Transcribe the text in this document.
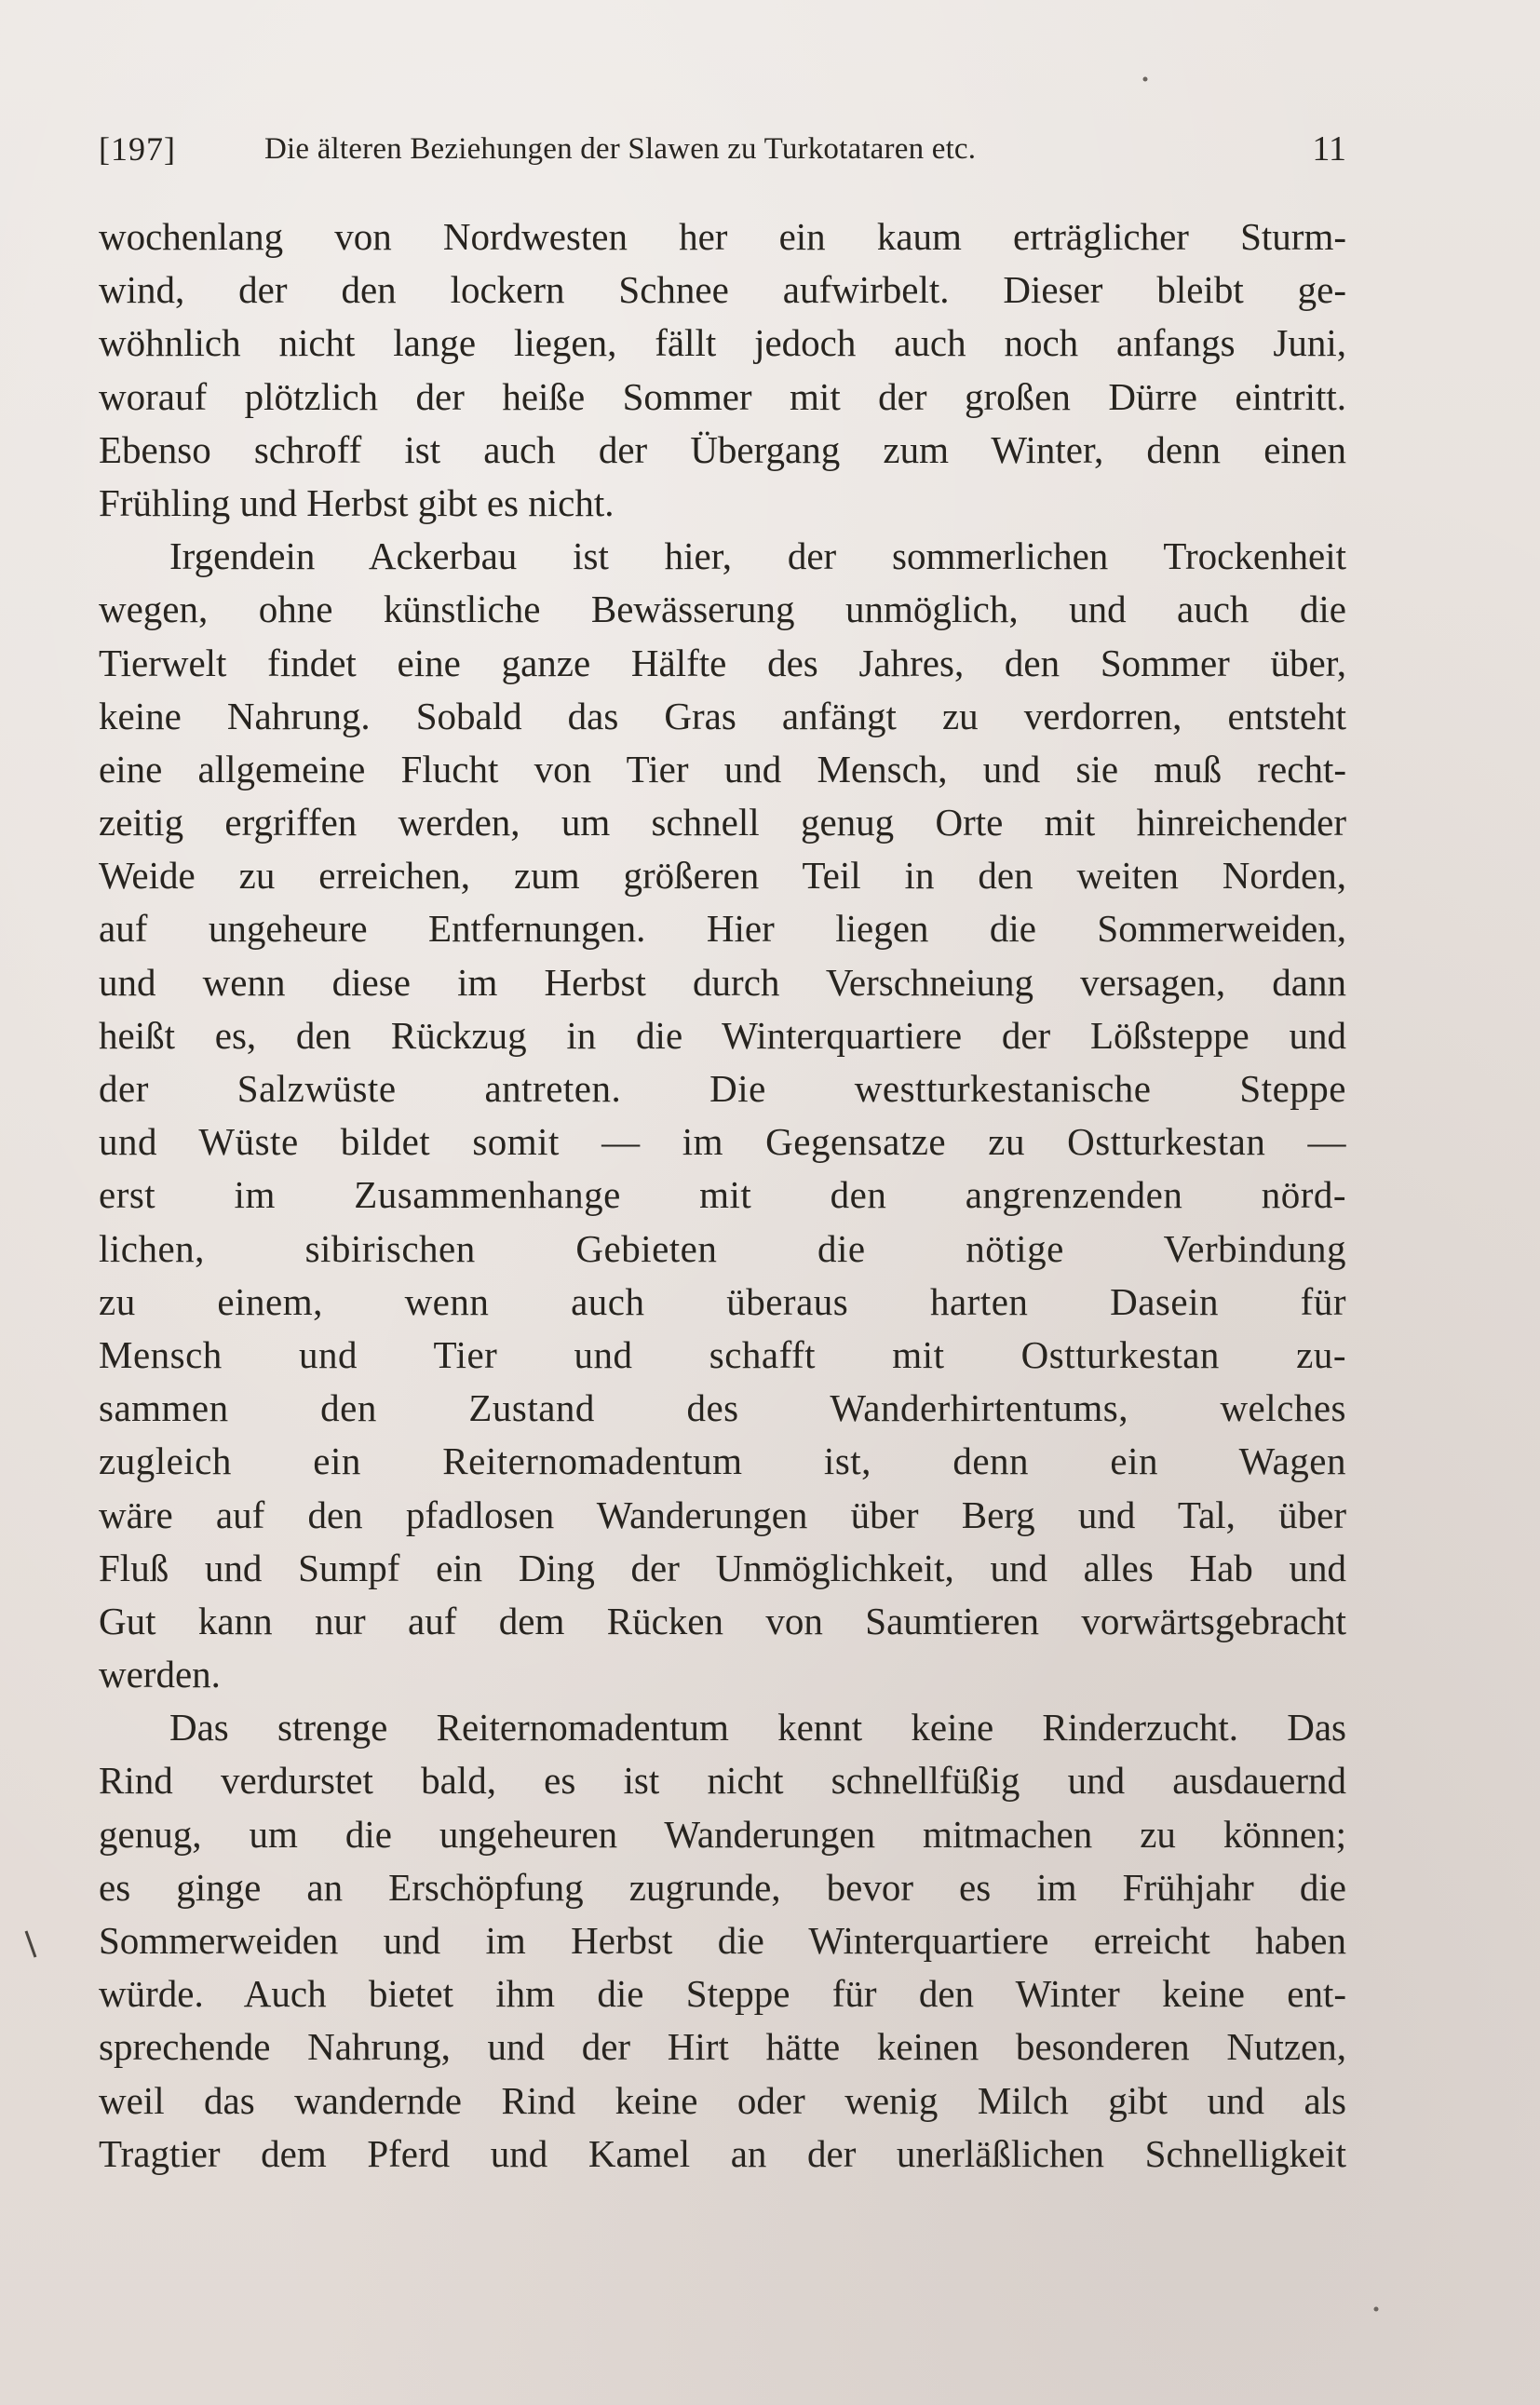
[197]	Die älteren Beziehungen der Slawen zu Turkotataren etc.	11
wochenlang von Nordwesten her ein kaum erträglicher Sturm-
wind, der den lockern Schnee aufwirbelt. Dieser bleibt ge-
wöhnlich nicht lange liegen, fällt jedoch auch noch anfangs Juni,
worauf plötzlich der heiße Sommer mit der großen Dürre eintritt.
Ebenso schroff ist auch der Übergang zum Winter, denn einen
Frühling und Herbst gibt es nicht.
Irgendein Ackerbau ist hier, der sommerlichen Trockenheit
wegen, ohne künstliche Bewässerung unmöglich, und auch die
Tierwelt findet eine ganze Hälfte des Jahres, den Sommer über,
keine Nahrung. Sobald das Gras anfängt zu verdorren, entsteht
eine allgemeine Flucht von Tier und Mensch, und sie muß recht-
zeitig ergriffen werden, um schnell genug Orte mit hinreichender
Weide zu erreichen, zum größeren Teil in den weiten Norden,
auf ungeheure Entfernungen. Hier liegen die Sommerweiden,
und wenn diese im Herbst durch Verschneiung versagen, dann
heißt es, den Rückzug in die Winterquartiere der Lößsteppe und
der Salzwüste antreten. Die westturkestanische Steppe
und Wüste bildet somit — im Gegensatze zu Ostturkestan —
erst im Zusammenhange mit den angrenzenden nörd-
lichen, sibirischen Gebieten die nötige Verbindung
zu einem, wenn auch überaus harten Dasein für
Mensch und Tier und schafft mit Ostturkestan zu-
sammen den Zustand des Wanderhirtentums, welches
zugleich ein Reiternomadentum ist, denn ein Wagen
wäre auf den pfadlosen Wanderungen über Berg und Tal, über
Fluß und Sumpf ein Ding der Unmöglichkeit, und alles Hab und
Gut kann nur auf dem Rücken von Saumtieren vorwärtsgebracht
werden.
Das strenge Reiternomadentum kennt keine Rinderzucht. Das
Rind verdurstet bald, es ist nicht schnellfüßig und ausdauernd
genug, um die ungeheuren Wanderungen mitmachen zu können;
es ginge an Erschöpfung zugrunde, bevor es im Frühjahr die
Sommerweiden und im Herbst die Winterquartiere erreicht haben
würde. Auch bietet ihm die Steppe für den Winter keine ent-
sprechende Nahrung, und der Hirt hätte keinen besonderen Nutzen,
weil das wandernde Rind keine oder wenig Milch gibt und als
Tragtier dem Pferd und Kamel an der unerläßlichen Schnelligkeit
